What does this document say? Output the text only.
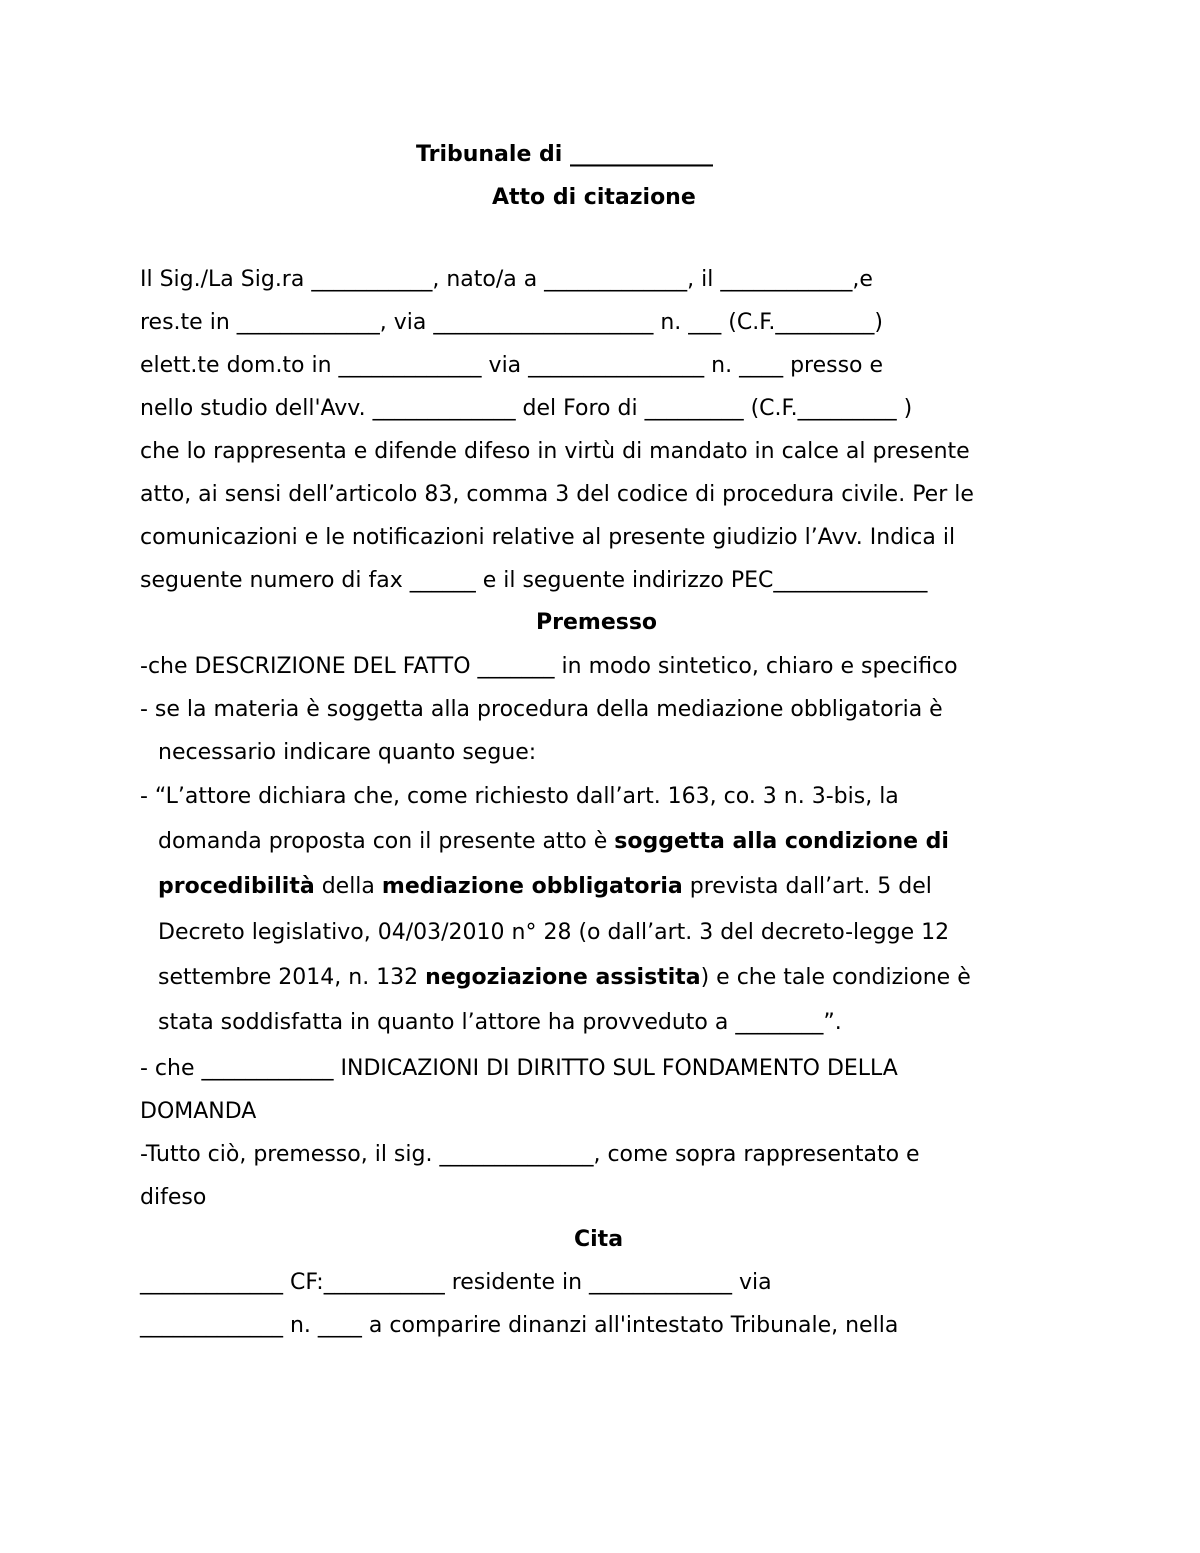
Tribunale di _____________
Atto di citazione
Il Sig./La Sig.ra ___________, nato/a a _____________, il ____________,e
res.te in _____________, via ____________________ n. ___ (C.F._________)
elett.te dom.to in _____________ via ________________ n. ____ presso e
nello studio dell'Avv. _____________ del Foro di _________ (C.F._________ )
che lo rappresenta e difende difeso in virtù di mandato in calce al presente
atto, ai sensi dell’articolo 83, comma 3 del codice di procedura civile. Per le
comunicazioni e le notificazioni relative al presente giudizio l’Avv. Indica il
seguente numero di fax ______ e il seguente indirizzo PEC______________
Premesso
-che DESCRIZIONE DEL FATTO _______ in modo sintetico, chiaro e specifico
- se la materia è soggetta alla procedura della mediazione obbligatoria è
necessario indicare quanto segue:
- “L’attore dichiara che, come richiesto dall’art. 163, co. 3 n. 3-bis, la
domanda proposta con il presente atto è soggetta alla condizione di
procedibilità della mediazione obbligatoria prevista dall’art. 5 del
Decreto legislativo, 04/03/2010 n° 28 (o dall’art. 3 del decreto-legge 12
settembre 2014, n. 132 negoziazione assistita) e che tale condizione è
stata soddisfatta in quanto l’attore ha provveduto a ________”.
- che ____________ INDICAZIONI DI DIRITTO SUL FONDAMENTO DELLA
DOMANDA
-Tutto ciò, premesso, il sig. ______________, come sopra rappresentato e
difeso
Cita
_____________ CF:___________ residente in _____________ via
_____________ n. ____ a comparire dinanzi all'intestato Tribunale, nella
